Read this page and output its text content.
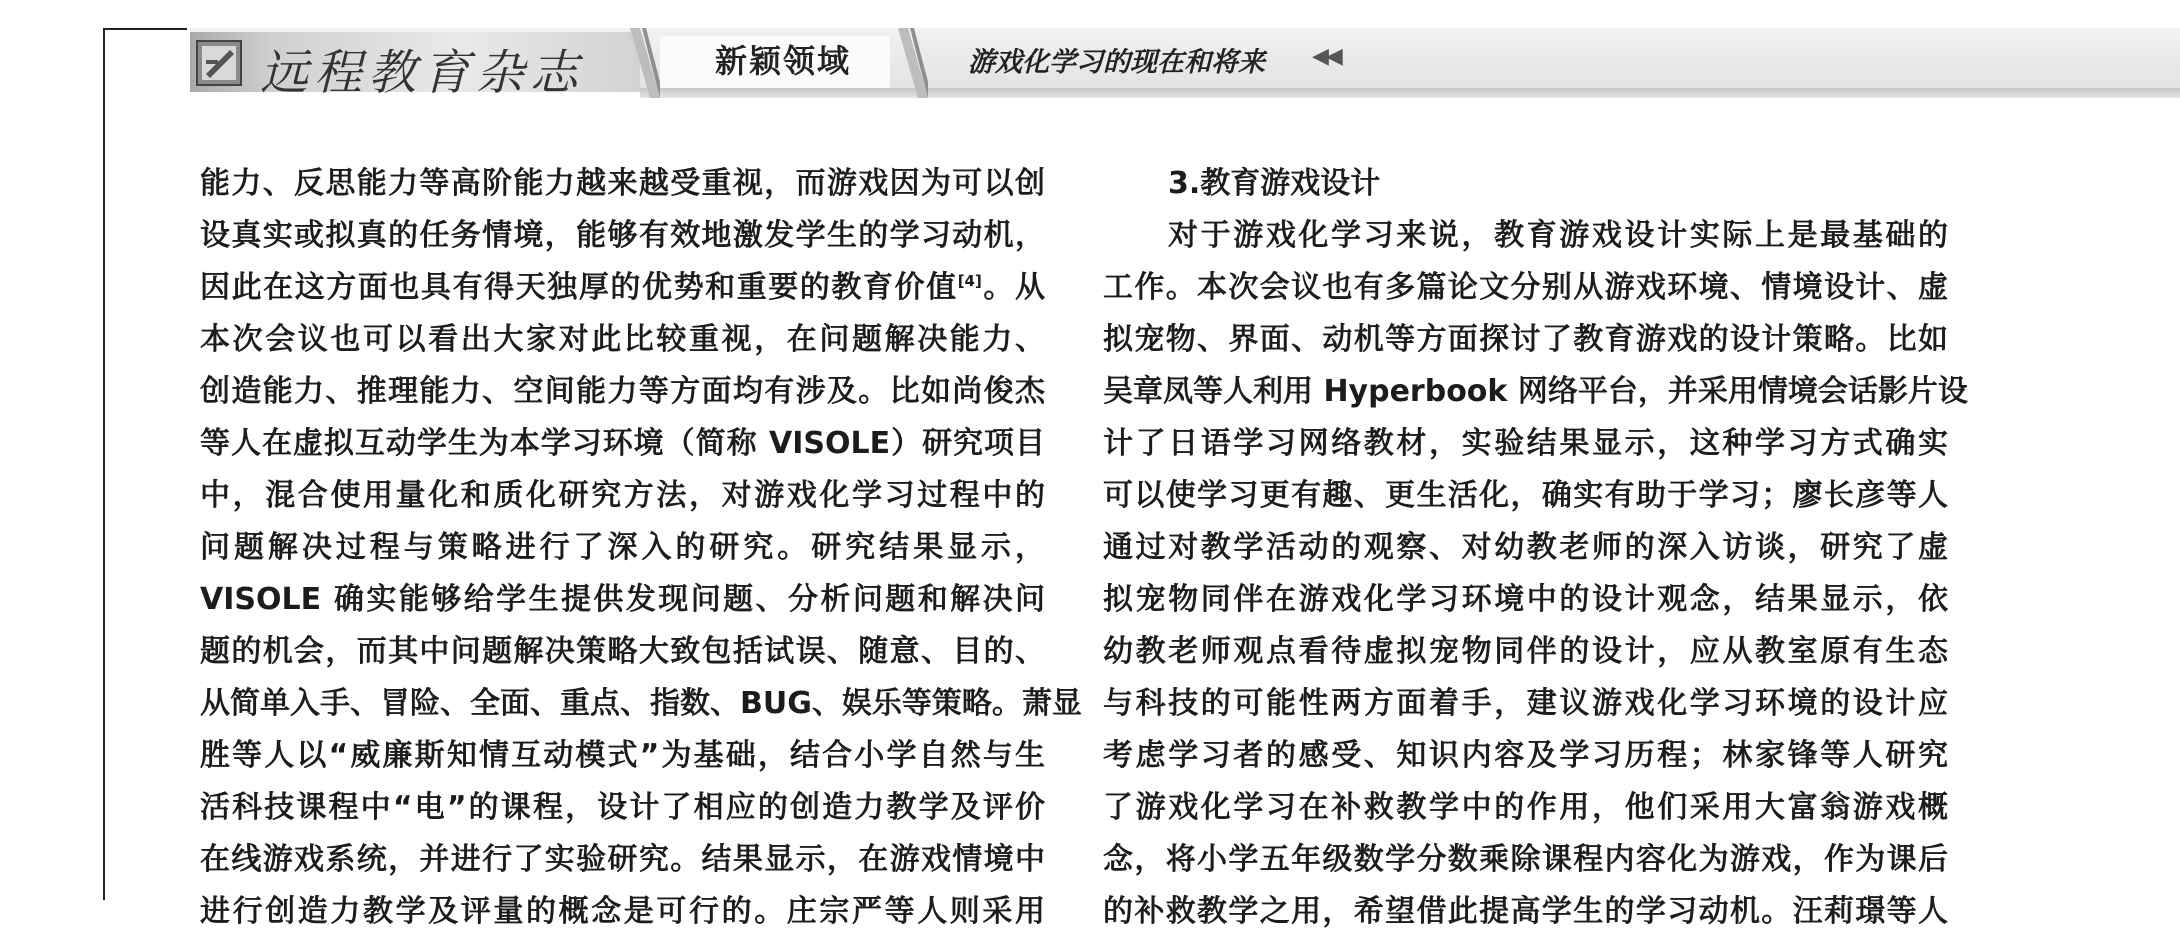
远程教育杂志	新颖领域	游戏化学习的现在和将来 ◀◀
能力、反思能力等高阶能力越来越受重视，而游戏因为可以创
设真实或拟真的任务情境，能够有效地激发学生的学习动机，
因此在这方面也具有得天独厚的优势和重要的教育价值[4]。从
本次会议也可以看出大家对此比较重视，在问题解决能力、
创造能力、推理能力、空间能力等方面均有涉及。比如尚俊杰
等人在虚拟互动学生为本学习环境（简称 VISOLE）研究项目
中，混合使用量化和质化研究方法，对游戏化学习过程中的
问题解决过程与策略进行了深入的研究。研究结果显示，
VISOLE 确实能够给学生提供发现问题、分析问题和解决问
题的机会，而其中问题解决策略大致包括试误、随意、目的、
从简单入手、冒险、全面、重点、指数、BUG、娱乐等策略。萧显
胜等人以“威廉斯知情互动模式”为基础，结合小学自然与生
活科技课程中“电”的课程，设计了相应的创造力教学及评价
在线游戏系统，并进行了实验研究。结果显示，在游戏情境中
进行创造力教学及评量的概念是可行的。庄宗严等人则采用
3.教育游戏设计
对于游戏化学习来说，教育游戏设计实际上是最基础的
工作。本次会议也有多篇论文分别从游戏环境、情境设计、虚
拟宠物、界面、动机等方面探讨了教育游戏的设计策略。比如
吴章凤等人利用 Hyperbook 网络平台，并采用情境会话影片设
计了日语学习网络教材，实验结果显示，这种学习方式确实
可以使学习更有趣、更生活化，确实有助于学习；廖长彦等人
通过对教学活动的观察、对幼教老师的深入访谈，研究了虚
拟宠物同伴在游戏化学习环境中的设计观念，结果显示，依
幼教老师观点看待虚拟宠物同伴的设计，应从教室原有生态
与科技的可能性两方面着手，建议游戏化学习环境的设计应
考虑学习者的感受、知识内容及学习历程；林家锋等人研究
了游戏化学习在补救教学中的作用，他们采用大富翁游戏概
念，将小学五年级数学分数乘除课程内容化为游戏，作为课后
的补救教学之用，希望借此提高学生的学习动机。汪莉璟等人
